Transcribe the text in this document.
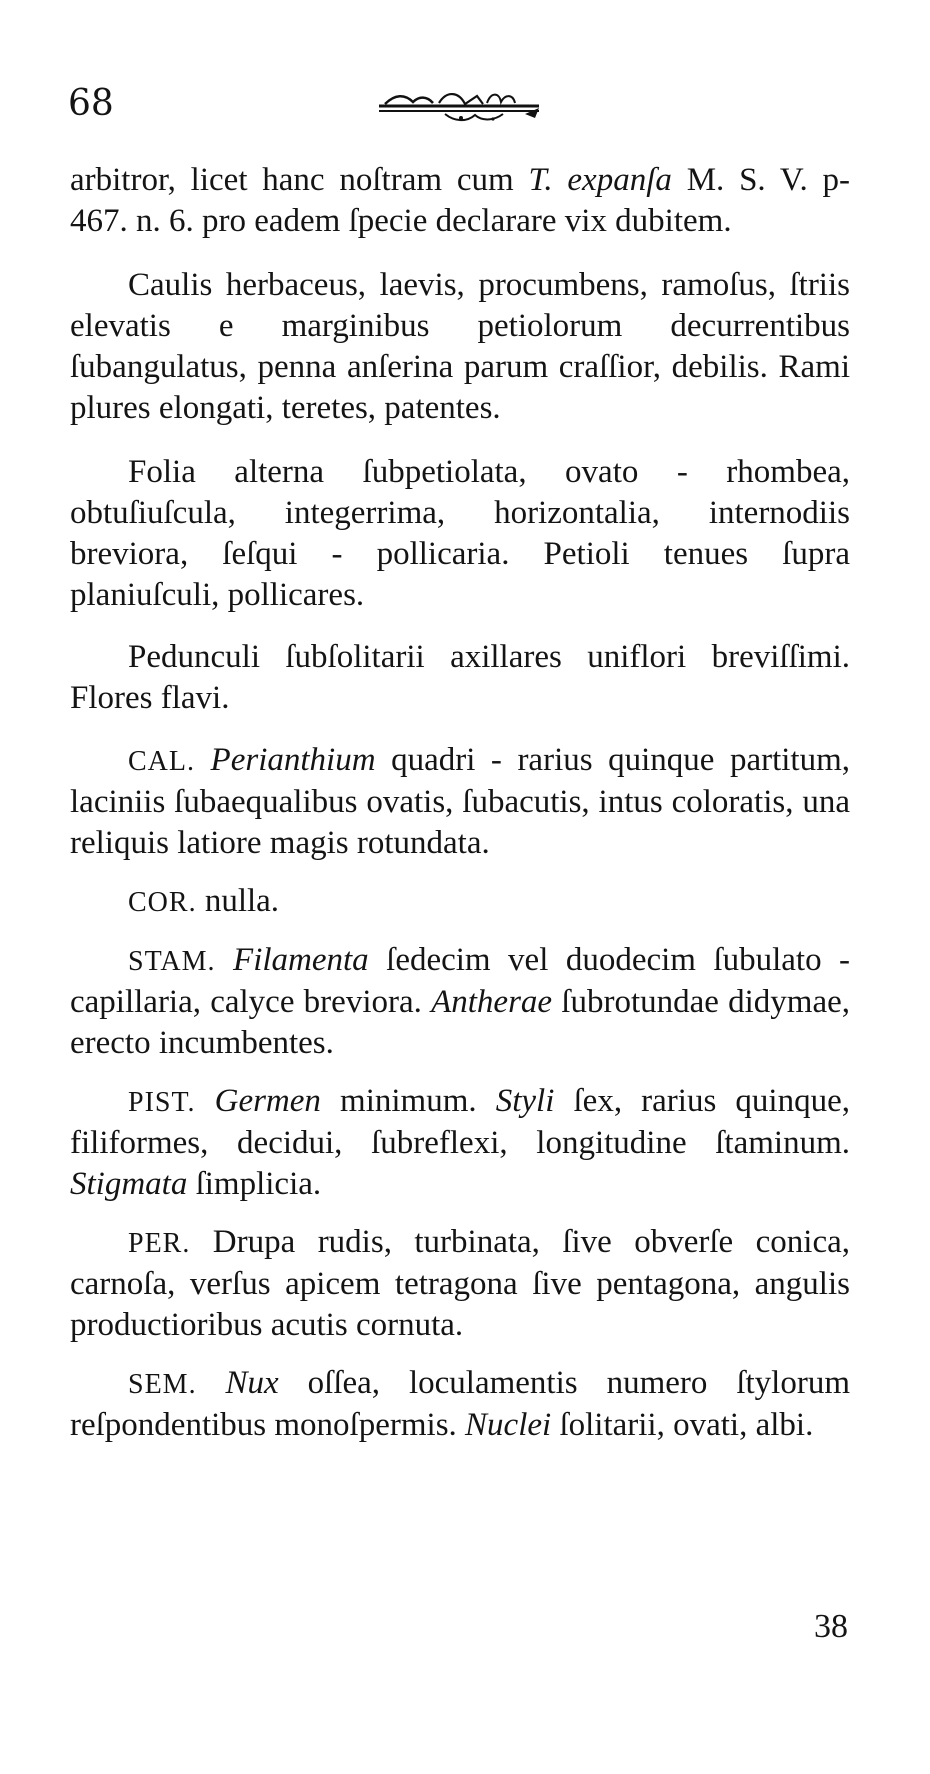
68

arbitror, licet hanc noſtram cum T. expanſa M. S. V. p- 467. n. 6. pro eadem ſpecie declarare vix dubitem.

Caulis herbaceus, laevis, procumbens, ramoſus, ſtriis elevatis e marginibus petiolorum decurrentibus ſubangulatus, penna anſerina parum craſſior, debilis. Rami plures elongati, teretes, patentes.

Folia alterna ſubpetiolata, ovato - rhombea, obtuſiuſcula, integerrima, horizontalia, internodiis breviora, ſeſqui - pollicaria. Petioli tenues ſupra planiuſculi, pollicares.

Pedunculi ſubſolitarii axillares uniflori breviſſimi. Flores flavi.

CAL. Perianthium quadri - rarius quinque partitum, laciniis ſubaequalibus ovatis, ſubacutis, intus coloratis, una reliquis latiore magis rotundata.

COR. nulla.

STAM. Filamenta ſedecim vel duodecim ſubulato - capillaria, calyce breviora. Antherae ſubrotundae didymae, erecto incumbentes.

PIST. Germen minimum. Styli ſex, rarius quinque, filiformes, decidui, ſubreflexi, longitudine ſtaminum. Stigmata ſimplicia.

PER. Drupa rudis, turbinata, ſive obverſe conica, carnoſa, verſus apicem tetragona ſive pentagona, angulis productioribus acutis cornuta.

SEM. Nux oſſea, loculamentis numero ſtylorum reſpondentibus monoſpermis. Nuclei ſolitarii, ovati, albi.

38
